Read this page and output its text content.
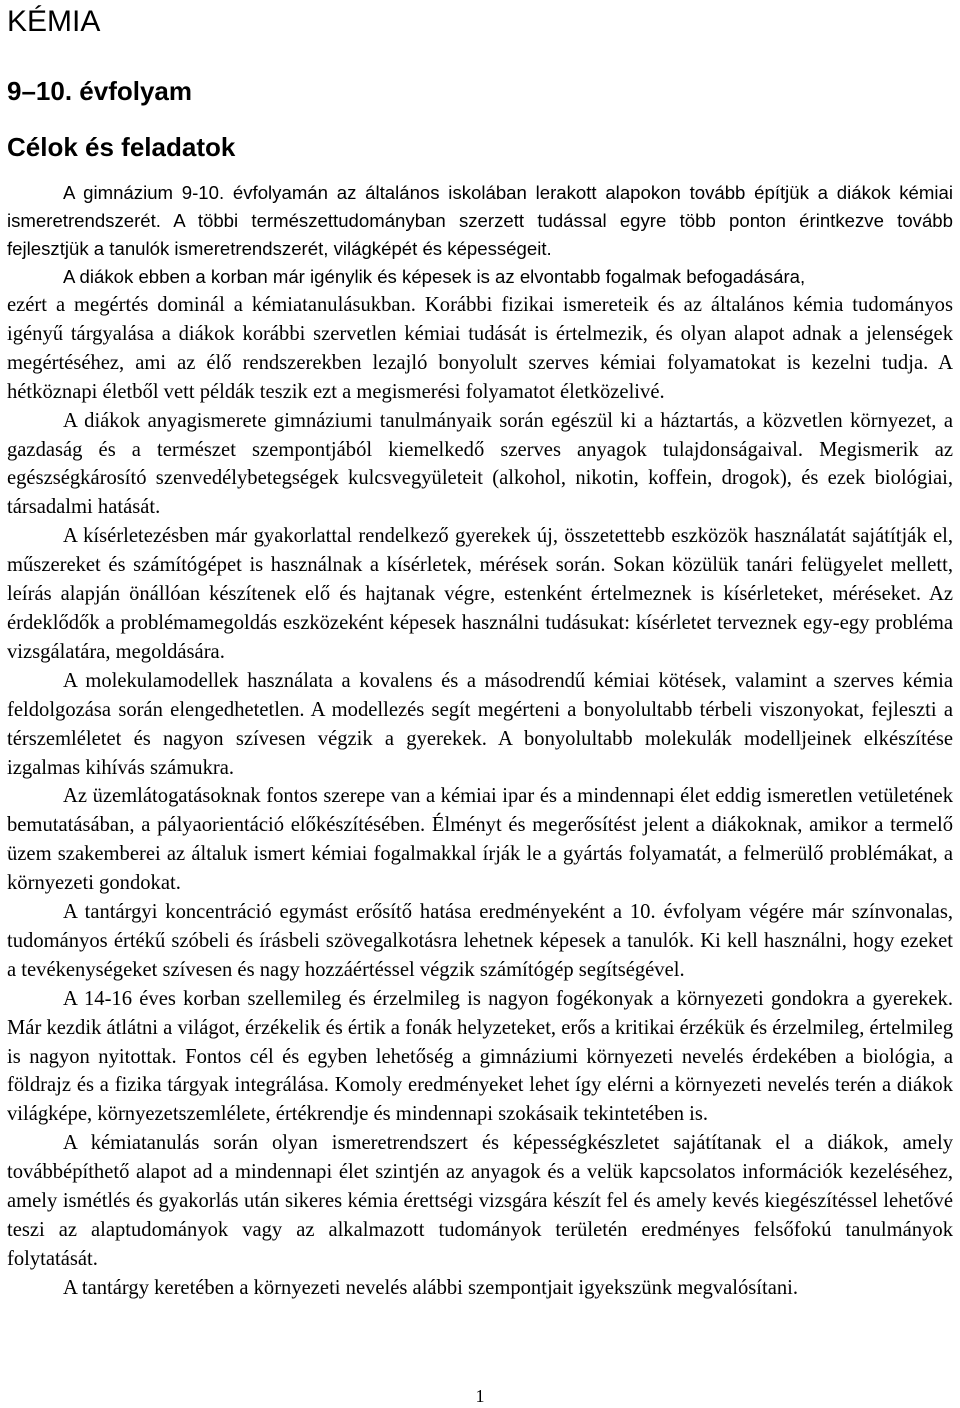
KÉMIA
9–10. évfolyam
Célok és feladatok

A gimnázium 9-10. évfolyamán az általános iskolában lerakott alapokon tovább építjük a diákok kémiai ismeretrendszerét. A többi természettudományban szerzett tudással egyre több ponton érintkezve tovább fejlesztjük a tanulók ismeretrendszerét, világképét és képességeit.

A diákok ebben a korban már igénylik és képesek is az elvontabb fogalmak befogadására,

ezért a megértés dominál a kémiatanulásukban. Korábbi fizikai ismereteik és az általános kémia tudományos igényű tárgyalása a diákok korábbi szervetlen kémiai tudását is értelmezik, és olyan alapot adnak a jelenségek megértéséhez, ami az élő rendszerekben lezajló bonyolult szerves kémiai folyamatokat is kezelni tudja. A hétköznapi életből vett példák teszik ezt a megismerési folyamatot életközelivé.

A diákok anyagismerete gimnáziumi tanulmányaik során egészül ki a háztartás, a közvetlen környezet, a gazdaság és a természet szempontjából kiemelkedő szerves anyagok tulajdonságaival. Megismerik az egészségkárosító szenvedélybetegségek kulcsvegyületeit (alkohol, nikotin, koffein, drogok), és ezek biológiai, társadalmi hatását.

A kísérletezésben már gyakorlattal rendelkező gyerekek új, összetettebb eszközök használatát sajátítják el, műszereket és számítógépet is használnak a kísérletek, mérések során. Sokan közülük tanári felügyelet mellett, leírás alapján önállóan készítenek elő és hajtanak végre, estenként értelmeznek is kísérleteket, méréseket. Az érdeklődők a problémamegoldás eszközeként képesek használni tudásukat: kísérletet terveznek egy-egy probléma vizsgálatára, megoldására.

A molekulamodellek használata a kovalens és a másodrendű kémiai kötések, valamint a szerves kémia feldolgozása során elengedhetetlen. A modellezés segít megérteni a bonyolultabb térbeli viszonyokat, fejleszti a térszemléletet és nagyon szívesen végzik a gyerekek. A bonyolultabb molekulák modelljeinek elkészítése izgalmas kihívás számukra.

Az üzemlátogatásoknak fontos szerepe van a kémiai ipar és a mindennapi élet eddig ismeretlen vetületének bemutatásában, a pályaorientáció előkészítésében. Élményt és megerősítést jelent a diákoknak, amikor a termelő üzem szakemberei az általuk ismert kémiai fogalmakkal írják le a gyártás folyamatát, a felmerülő problémákat, a környezeti gondokat.

A tantárgyi koncentráció egymást erősítő hatása eredményeként a 10. évfolyam végére már színvonalas, tudományos értékű szóbeli és írásbeli szövegalkotásra lehetnek képesek a tanulók. Ki kell használni, hogy ezeket a tevékenységeket szívesen és nagy hozzáértéssel végzik számítógép segítségével.

A 14-16 éves korban szellemileg és érzelmileg is nagyon fogékonyak a környezeti gondokra a gyerekek. Már kezdik átlátni a világot, érzékelik és értik a fonák helyzeteket, erős a kritikai érzékük és érzelmileg, értelmileg is nagyon nyitottak. Fontos cél és egyben lehetőség a gimnáziumi környezeti nevelés érdekében a biológia, a földrajz és a fizika tárgyak integrálása. Komoly eredményeket lehet így elérni a környezeti nevelés terén a diákok világképe, környezetszemlélete, értékrendje és mindennapi szokásaik tekintetében is.

A kémiatanulás során olyan ismeretrendszert és képességkészletet sajátítanak el a diákok, amely továbbépíthető alapot ad a mindennapi élet szintjén az anyagok és a velük kapcsolatos információk kezeléséhez, amely ismétlés és gyakorlás után sikeres kémia érettségi vizsgára készít fel és amely kevés kiegészítéssel lehetővé teszi az alaptudományok vagy az alkalmazott tudományok területén eredményes felsőfokú tanulmányok folytatását.

A tantárgy keretében a környezeti nevelés alábbi szempontjait igyekszünk megvalósítani.

1
